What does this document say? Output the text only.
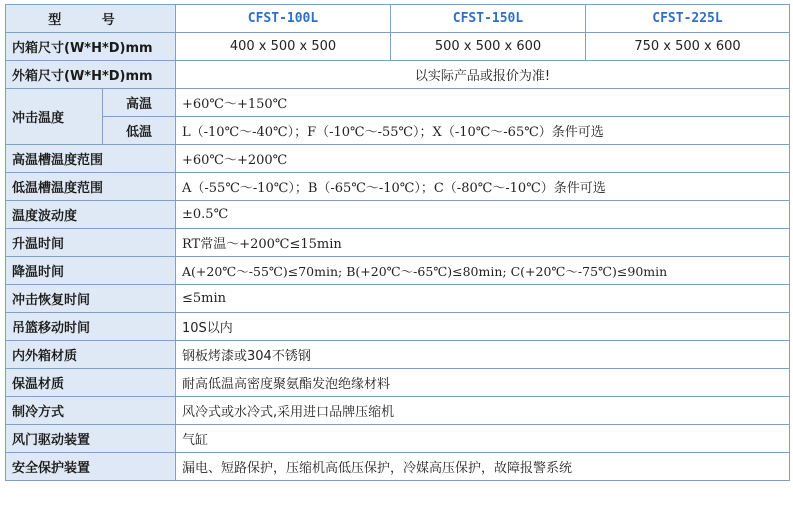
型 号		CFST-100L	CFST-150L	CFST-225L
内箱尺寸(W*H*D)mm		400 x 500 x 500	500 x 500 x 600	750 x 500 x 600
外箱尺寸(W*H*D)mm		以实际产品或报价为准!		
冲击温度	高温	+60℃～+150℃		
	低温	L（-10℃～-40℃）；F（-10℃～-55℃）；X（-10℃～-65℃）条件可选		
高温槽温度范围		+60℃～+200℃		
低温槽温度范围		A（-55℃～-10℃）；B（-65℃～-10℃）；C（-80℃～-10℃）条件可选		
温度波动度		±0.5℃		
升温时间		RT常温～+200℃≤15min		
降温时间		A(+20℃～-55℃)≤70min; B(+20℃～-65℃)≤80min; C(+20℃～-75℃)≤90min		
冲击恢复时间		≤5min		
吊篮移动时间		10S以内		
内外箱材质		钢板烤漆或304不锈钢		
保温材质		耐高低温高密度聚氨酯发泡绝缘材料		
制冷方式		风冷式或水冷式,采用进口品牌压缩机		
风门驱动装置		气缸		
安全保护装置		漏电、短路保护，压缩机高低压保护，冷媒高压保护，故障报警系统		
